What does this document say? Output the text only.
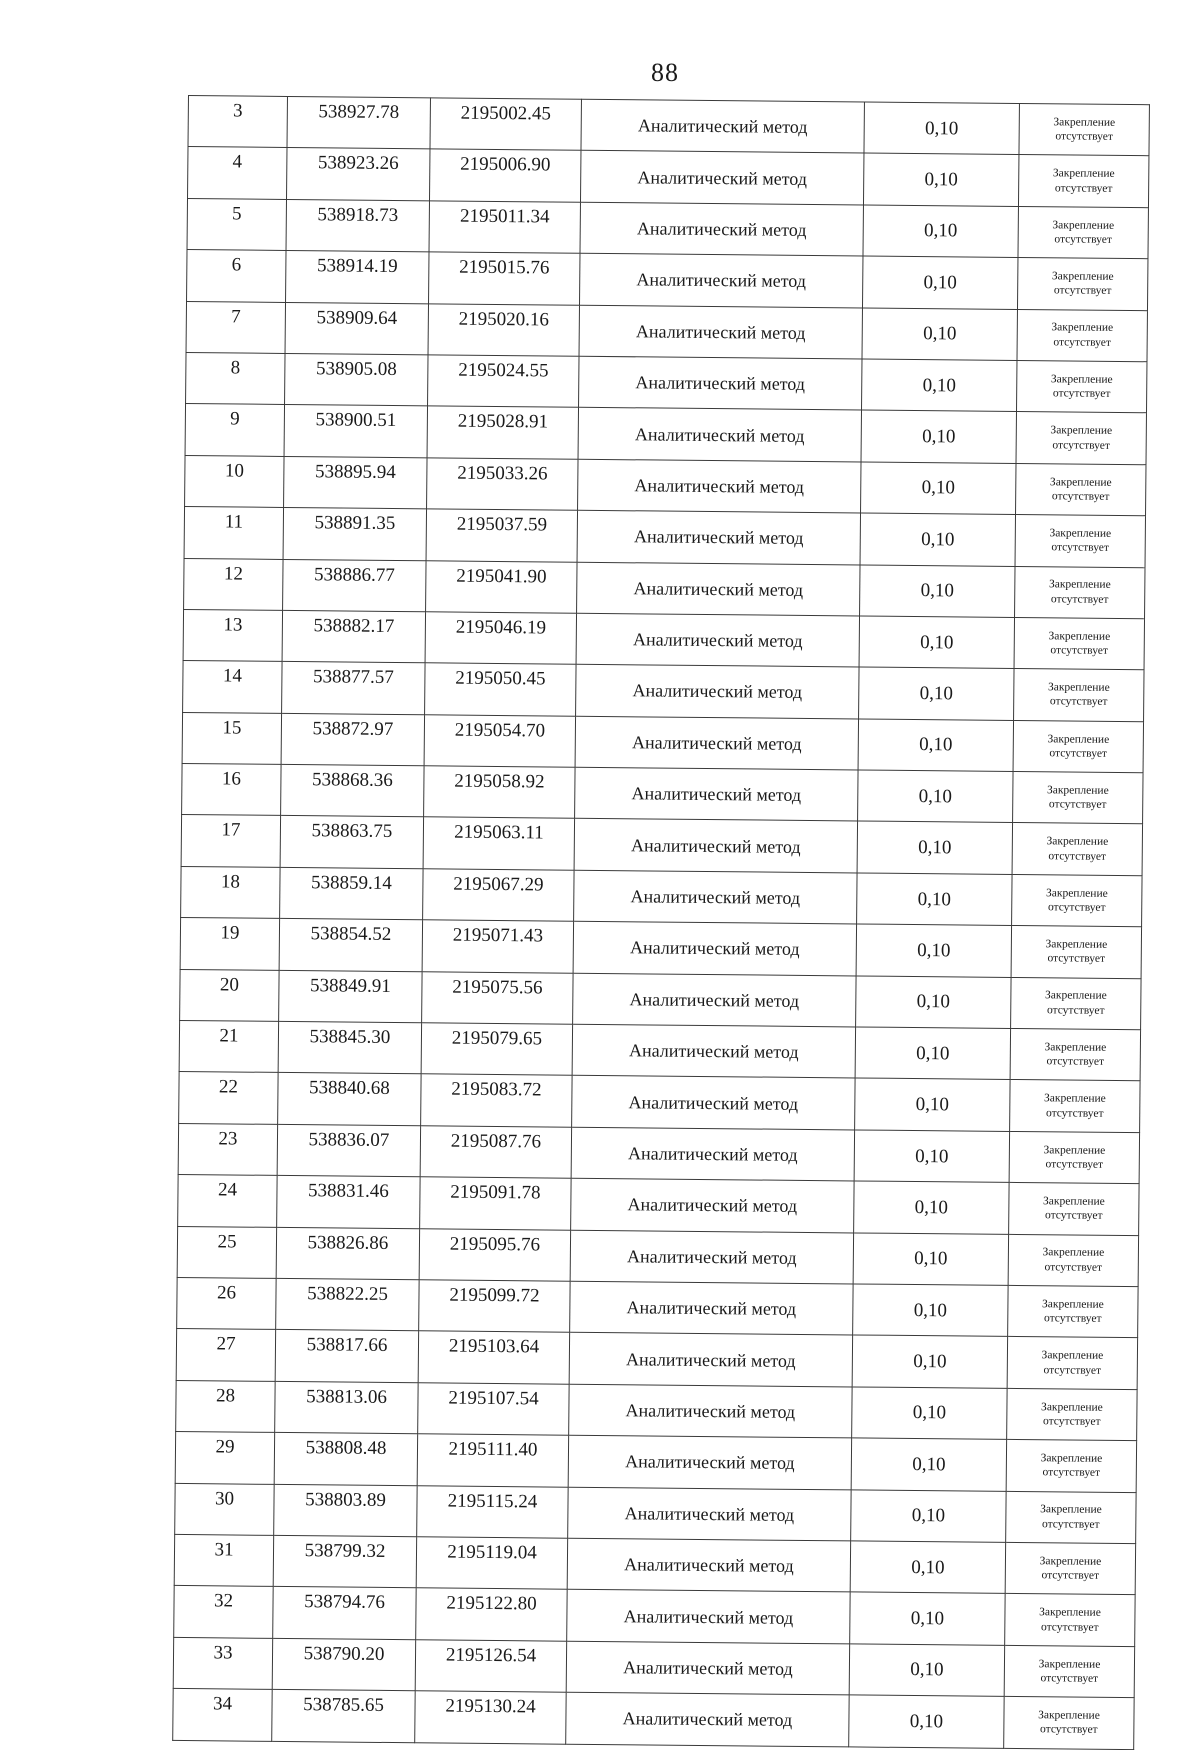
88
3	538927.78	2195002.45	Аналитический метод	0,10	Закрепление
отсутствует

4	538923.26	2195006.90	Аналитический метод	0,10	Закрепление
отсутствует

5	538918.73	2195011.34	Аналитический метод	0,10	Закрепление
отсутствует

6	538914.19	2195015.76	Аналитический метод	0,10	Закрепление
отсутствует

7	538909.64	2195020.16	Аналитический метод	0,10	Закрепление
отсутствует

8	538905.08	2195024.55	Аналитический метод	0,10	Закрепление
отсутствует

9	538900.51	2195028.91	Аналитический метод	0,10	Закрепление
отсутствует

10	538895.94	2195033.26	Аналитический метод	0,10	Закрепление
отсутствует

11	538891.35	2195037.59	Аналитический метод	0,10	Закрепление
отсутствует

12	538886.77	2195041.90	Аналитический метод	0,10	Закрепление
отсутствует

13	538882.17	2195046.19	Аналитический метод	0,10	Закрепление
отсутствует

14	538877.57	2195050.45	Аналитический метод	0,10	Закрепление
отсутствует

15	538872.97	2195054.70	Аналитический метод	0,10	Закрепление
отсутствует

16	538868.36	2195058.92	Аналитический метод	0,10	Закрепление
отсутствует

17	538863.75	2195063.11	Аналитический метод	0,10	Закрепление
отсутствует

18	538859.14	2195067.29	Аналитический метод	0,10	Закрепление
отсутствует

19	538854.52	2195071.43	Аналитический метод	0,10	Закрепление
отсутствует

20	538849.91	2195075.56	Аналитический метод	0,10	Закрепление
отсутствует

21	538845.30	2195079.65	Аналитический метод	0,10	Закрепление
отсутствует

22	538840.68	2195083.72	Аналитический метод	0,10	Закрепление
отсутствует

23	538836.07	2195087.76	Аналитический метод	0,10	Закрепление
отсутствует

24	538831.46	2195091.78	Аналитический метод	0,10	Закрепление
отсутствует

25	538826.86	2195095.76	Аналитический метод	0,10	Закрепление
отсутствует

26	538822.25	2195099.72	Аналитический метод	0,10	Закрепление
отсутствует

27	538817.66	2195103.64	Аналитический метод	0,10	Закрепление
отсутствует

28	538813.06	2195107.54	Аналитический метод	0,10	Закрепление
отсутствует

29	538808.48	2195111.40	Аналитический метод	0,10	Закрепление
отсутствует

30	538803.89	2195115.24	Аналитический метод	0,10	Закрепление
отсутствует

31	538799.32	2195119.04	Аналитический метод	0,10	Закрепление
отсутствует

32	538794.76	2195122.80	Аналитический метод	0,10	Закрепление
отсутствует

33	538790.20	2195126.54	Аналитический метод	0,10	Закрепление
отсутствует

34	538785.65	2195130.24	Аналитический метод	0,10	Закрепление
отсутствует
